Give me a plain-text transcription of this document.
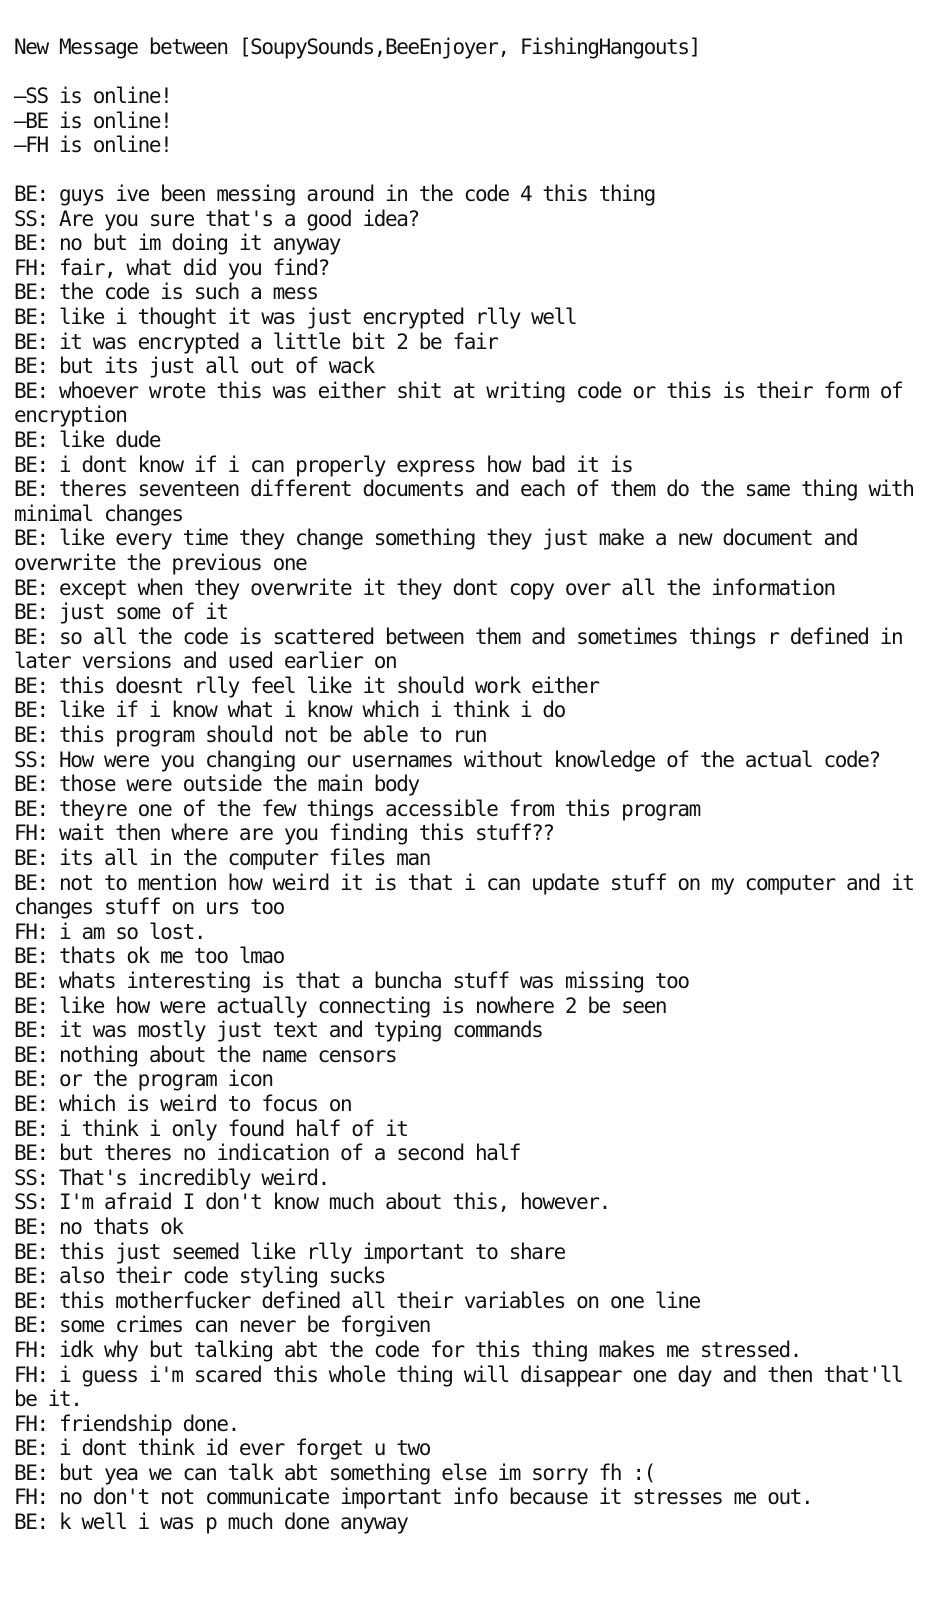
New Message between [SoupySounds,BeeEnjoyer, FishingHangouts]
–SS is online!
–BE is online!
–FH is online!
BE: guys ive been messing around in the code 4 this thing
SS: Are you sure that's a good idea?
BE: no but im doing it anyway
FH: fair, what did you find?
BE: the code is such a mess
BE: like i thought it was just encrypted rlly well
BE: it was encrypted a little bit 2 be fair
BE: but its just all out of wack
BE: whoever wrote this was either shit at writing code or this is their form of encryption
BE: like dude
BE: i dont know if i can properly express how bad it is
BE: theres seventeen different documents and each of them do the same thing with minimal changes
BE: like every time they change something they just make a new document and overwrite the previous one
BE: except when they overwrite it they dont copy over all the information
BE: just some of it
BE: so all the code is scattered between them and sometimes things r defined in later versions and used earlier on
BE: this doesnt rlly feel like it should work either
BE: like if i know what i know which i think i do
BE: this program should not be able to run
SS: How were you changing our usernames without knowledge of the actual code?
BE: those were outside the main body
BE: theyre one of the few things accessible from this program
FH: wait then where are you finding this stuff??
BE: its all in the computer files man
BE: not to mention how weird it is that i can update stuff on my computer and it changes stuff on urs too
FH: i am so lost.
BE: thats ok me too lmao
BE: whats interesting is that a buncha stuff was missing too
BE: like how were actually connecting is nowhere 2 be seen
BE: it was mostly just text and typing commands
BE: nothing about the name censors
BE: or the program icon
BE: which is weird to focus on
BE: i think i only found half of it
BE: but theres no indication of a second half
SS: That's incredibly weird.
SS: I'm afraid I don't know much about this, however.
BE: no thats ok
BE: this just seemed like rlly important to share
BE: also their code styling sucks
BE: this motherfucker defined all their variables on one line
BE: some crimes can never be forgiven
FH: idk why but talking abt the code for this thing makes me stressed.
FH: i guess i'm scared this whole thing will disappear one day and then that'll be it.
FH: friendship done.
BE: i dont think id ever forget u two
BE: but yea we can talk abt something else im sorry fh :(
FH: no don't not communicate important info because it stresses me out.
BE: k well i was p much done anyway
